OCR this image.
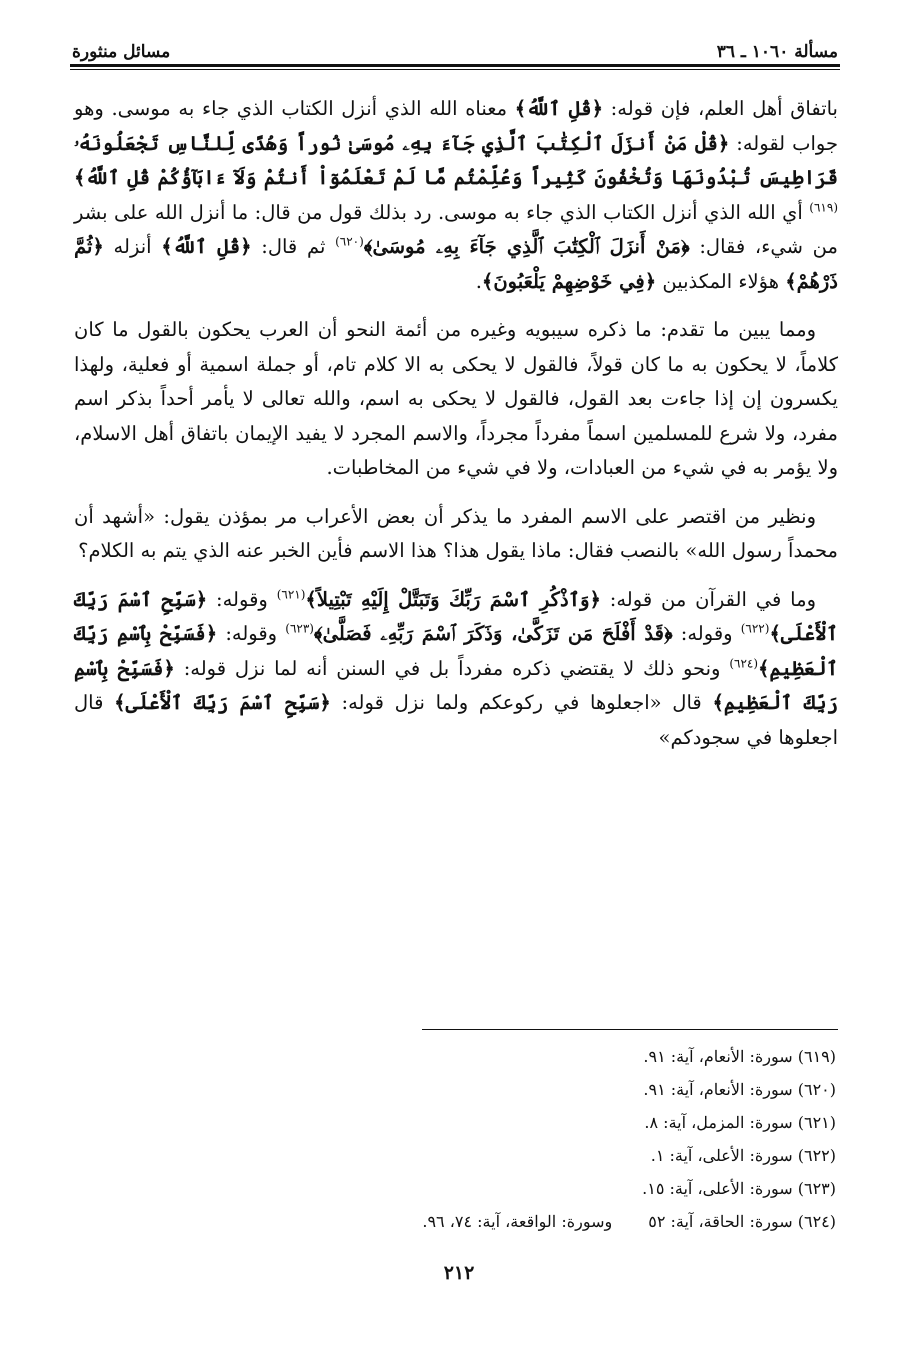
مسألة ١٠٦٠ ـ ٣٦
مسائل منثورة

باتفاق أهل العلم، فإن قوله: ﴿قُلِ ٱللَّهُ﴾ معناه الله الذي أنزل الكتاب الذي جاء به موسى. وهو جواب لقوله: ﴿قُلْ مَنْ أَنزَلَ ٱلْكِتَٰبَ ٱلَّذِي جَآءَ بِهِۦ مُوسَىٰ نُوراً وَهُدًى لِّلنَّاسِ تَجْعَلُونَهُۥ قَرَاطِيسَ تُبْدُونَهَا وَتُخْفُونَ كَثِيراً وَعُلِّمْتُم مَّا لَمْ تَعْلَمُوٓاْ أَنتُمْ وَلَآ ءَابَآؤُكُمْ قُلِ ٱللَّهُ﴾$^{(٦١٩)}$ أي الله الذي أنزل الكتاب الذي جاء به موسى. رد بذلك قول من قال: ما أنزل الله على بشر من شيء، فقال: ﴿مَنْ أَنزَلَ ٱلْكِتَٰبَ ٱلَّذِي جَآءَ بِهِۦ مُوسَىٰ﴾$^{(٦٢٠)}$ ثم قال: ﴿قُلِ ٱللَّهُ﴾ أنزله ﴿ثُمَّ ذَرْهُمْ﴾ هؤلاء المكذبين ﴿فِي خَوْضِهِمْ يَلْعَبُونَ﴾.

ومما يبين ما تقدم: ما ذكره سيبويه وغيره من أئمة النحو أن العرب يحكون بالقول ما كان كلاماً، لا يحكون به ما كان قولاً، فالقول لا يحكى به الا كلام تام، أو جملة اسمية أو فعلية، ولهذا يكسرون إن إذا جاءت بعد القول، فالقول لا يحكى به اسم، والله تعالى لا يأمر أحداً بذكر اسم مفرد، ولا شرع للمسلمين اسماً مفرداً مجرداً، والاسم المجرد لا يفيد الإيمان باتفاق أهل الاسلام، ولا يؤمر به في شيء من العبادات، ولا في شيء من المخاطبات.

ونظير من اقتصر على الاسم المفرد ما يذكر أن بعض الأعراب مر بمؤذن يقول: «أشهد أن محمداً رسول الله» بالنصب فقال: ماذا يقول هذا؟ هذا الاسم فأين الخبر عنه الذي يتم به الكلام؟

وما في القرآن من قوله: ﴿وَٱذْكُرِ ٱسْمَ رَبِّكَ وَتَبَتَّلْ إِلَيْهِ تَبْتِيلاً﴾$^{(٦٢١)}$ وقوله: ﴿سَبِّحِ ٱسْمَ رَبِّكَ ٱلْأَعْلَى﴾$^{(٦٢٢)}$ وقوله: ﴿قَدْ أَفْلَحَ مَن تَزَكَّىٰ، وَذَكَرَ ٱسْمَ رَبِّهِۦ فَصَلَّىٰ﴾$^{(٦٢٣)}$ وقوله: ﴿فَسَبِّحْ بِٱسْمِ رَبِّكَ ٱلْعَظِيمِ﴾$^{(٦٢٤)}$ ونحو ذلك لا يقتضي ذكره مفرداً بل في السنن أنه لما نزل قوله: ﴿فَسَبِّحْ بِٱسْمِ رَبِّكَ ٱلْعَظِيمِ﴾ قال «اجعلوها في ركوعكم ولما نزل قوله: ﴿سَبِّحِ ٱسْمَ رَبِّكَ ٱلْأَعْلَى﴾ قال اجعلوها في سجودكم»

(٦١٩) سورة: الأنعام، آية: ٩١.
(٦٢٠) سورة: الأنعام، آية: ٩١.
(٦٢١) سورة: المزمل، آية: ٨.
(٦٢٢) سورة: الأعلى، آية: ١.
(٦٢٣) سورة: الأعلى، آية: ١٥.
(٦٢٤) سورة: الحاقة، آية: ٥٢وسورة: الواقعة، آية: ٧٤، ٩٦.
٢١٢
